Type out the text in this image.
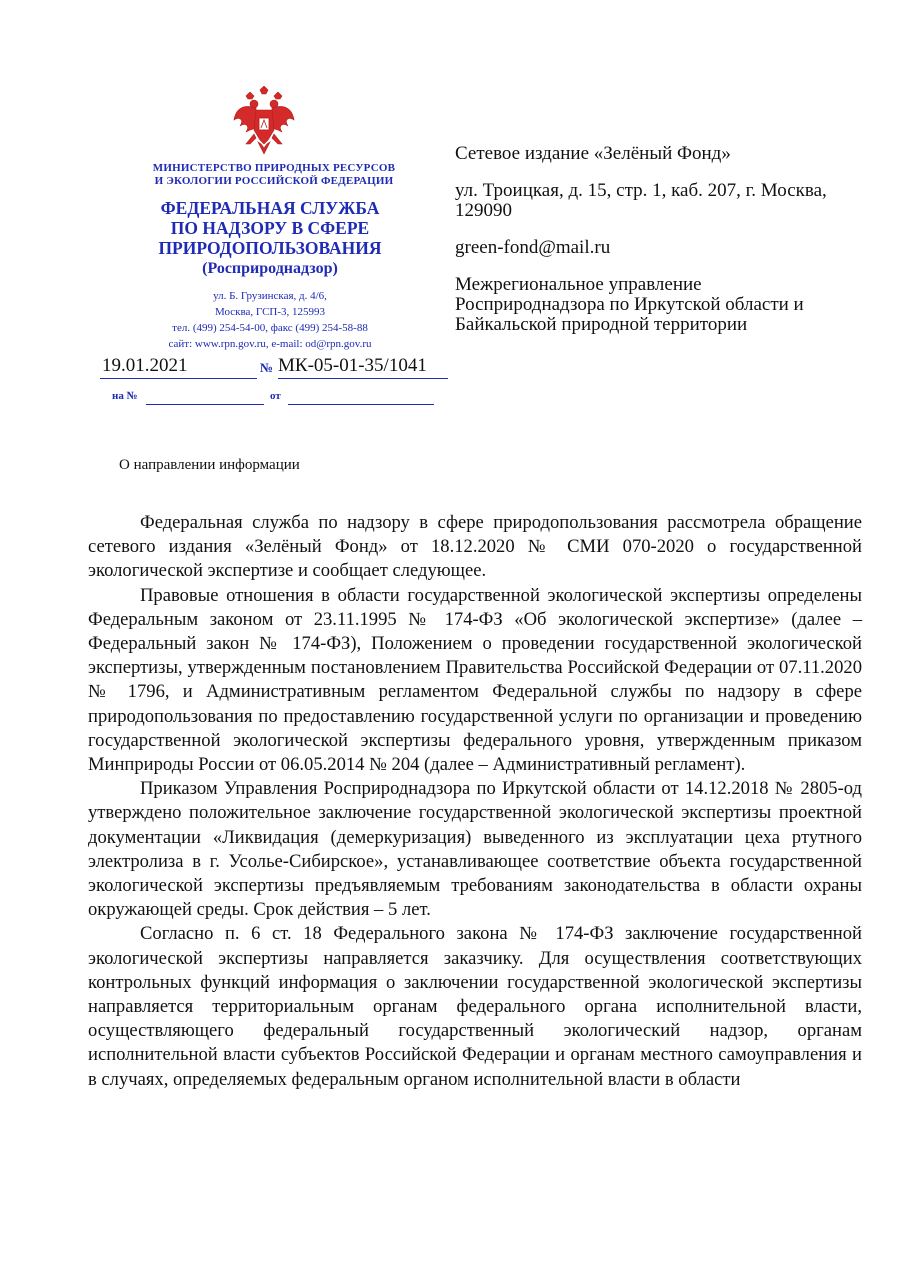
МИНИСТЕРСТВО ПРИРОДНЫХ РЕСУРСОВ
И ЭКОЛОГИИ РОССИЙСКОЙ ФЕДЕРАЦИИ
ФЕДЕРАЛЬНАЯ СЛУЖБА
ПО НАДЗОРУ В СФЕРЕ
ПРИРОДОПОЛЬЗОВАНИЯ
(Росприроднадзор)
ул. Б. Грузинская, д. 4/6,
Москва, ГСП-3, 125993
тел. (499) 254-54-00, факс (499) 254-58-88
сайт: www.rpn.gov.ru, e-mail: od@rpn.gov.ru
19.01.2021	№ МК-05-01-35/1041
на №	от

Сетевое издание «Зелёный Фонд»

ул. Троицкая, д. 15, стр. 1, каб. 207, г. Москва, 129090

green-fond@mail.ru

Межрегиональное управление Росприроднадзора по Иркутской области и Байкальской природной территории

О направлении информации

Федеральная служба по надзору в сфере природопользования рассмотрела обращение сетевого издания «Зелёный Фонд» от 18.12.2020 № СМИ 070-2020 о государственной экологической экспертизе и сообщает следующее.

Правовые отношения в области государственной экологической экспертизы определены Федеральным законом от 23.11.1995 № 174-ФЗ «Об экологической экспертизе» (далее – Федеральный закон № 174-ФЗ), Положением о проведении государственной экологической экспертизы, утвержденным постановлением Правительства Российской Федерации от 07.11.2020 № 1796, и Административным регламентом Федеральной службы по надзору в сфере природопользования по предоставлению государственной услуги по организации и проведению государственной экологической экспертизы федерального уровня, утвержденным приказом Минприроды России от 06.05.2014 № 204 (далее – Административный регламент).

Приказом Управления Росприроднадзора по Иркутской области от 14.12.2018 № 2805-од утверждено положительное заключение государственной экологической экспертизы проектной документации «Ликвидация (демеркуризация) выведенного из эксплуатации цеха ртутного электролиза в г. Усолье-Сибирское», устанавливающее соответствие объекта государственной экологической экспертизы предъявляемым требованиям законодательства в области охраны окружающей среды. Срок действия – 5 лет.

Согласно п. 6 ст. 18 Федерального закона № 174-ФЗ заключение государственной экологической экспертизы направляется заказчику. Для осуществления соответствующих контрольных функций информация о заключении государственной экологической экспертизы направляется территориальным органам федерального органа исполнительной власти, осуществляющего федеральный государственный экологический надзор, органам исполнительной власти субъектов Российской Федерации и органам местного самоуправления и в случаях, определяемых федеральным органом исполнительной власти в области
